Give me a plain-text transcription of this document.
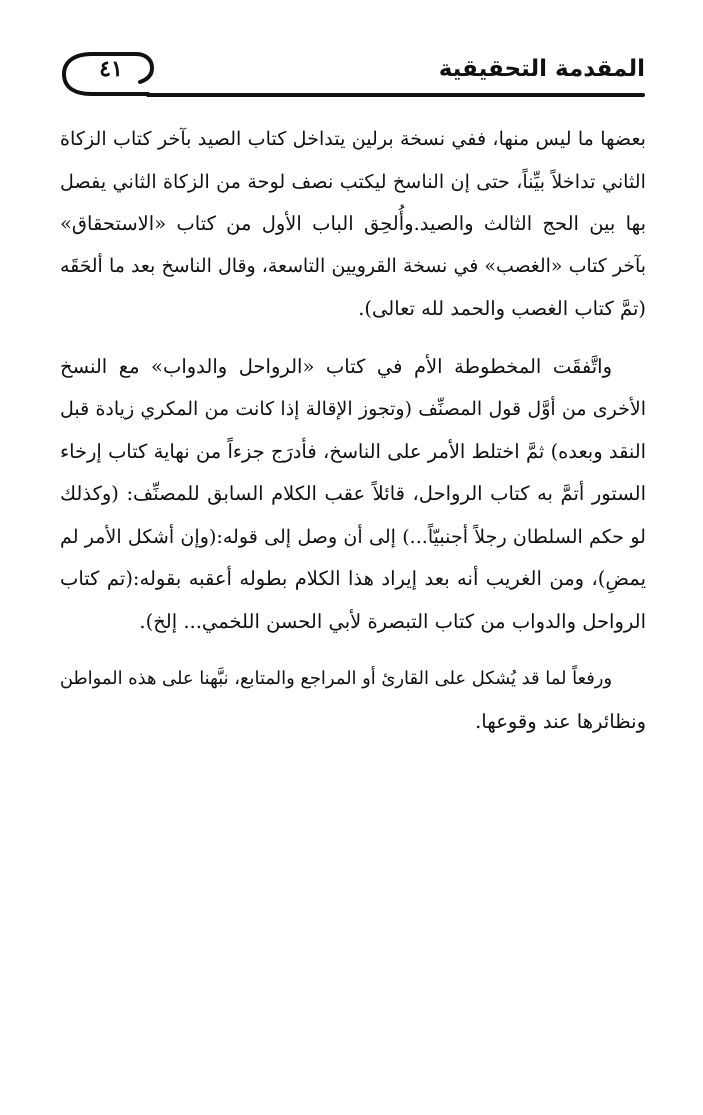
٤١	المقدمة التحقيقية

بعضها ما ليس منها، ففي نسخة برلين يتداخل كتاب الصيد بآخر كتاب الزكاة
الثاني تداخلاً بيِّناً، حتى إن الناسخ ليكتب نصف لوحة من الزكاة الثاني يفصل
بها بين الحج الثالث والصيد.وأُلحِق الباب الأول من كتاب «الاستحقاق»
بآخر كتاب «الغصب» في نسخة القرويين التاسعة، وقال الناسخ بعد ما ألحَقَه
(تمَّ كتاب الغصب والحمد لله تعالى).

واتَّفقَت المخطوطة الأم في كتاب «الرواحل والدواب» مع النسخ
الأخرى من أوَّل قول المصنِّف (وتجوز الإقالة إذا كانت من المكري زيادة قبل
النقد وبعده) ثمَّ اختلط الأمر على الناسخ، فأدرَج جزءاً من نهاية كتاب إرخاء
الستور أتمَّ به كتاب الرواحل، قائلاً عقب الكلام السابق للمصنِّف: (وكذلك
لو حكم السلطان رجلاً أجنبيّاً...) إلى أن وصل إلى قوله:(وإن أشكل الأمر لم
يمضِ)، ومن الغريب أنه بعد إيراد هذا الكلام بطوله أعقبه بقوله:(تم كتاب
الرواحل والدواب من كتاب التبصرة لأبي الحسن اللخمي... إلخ).

ورفعاً لما قد يُشكل على القارئ أو المراجع والمتابع، نبَّهنا على هذه المواطن
ونظائرها عند وقوعها.
